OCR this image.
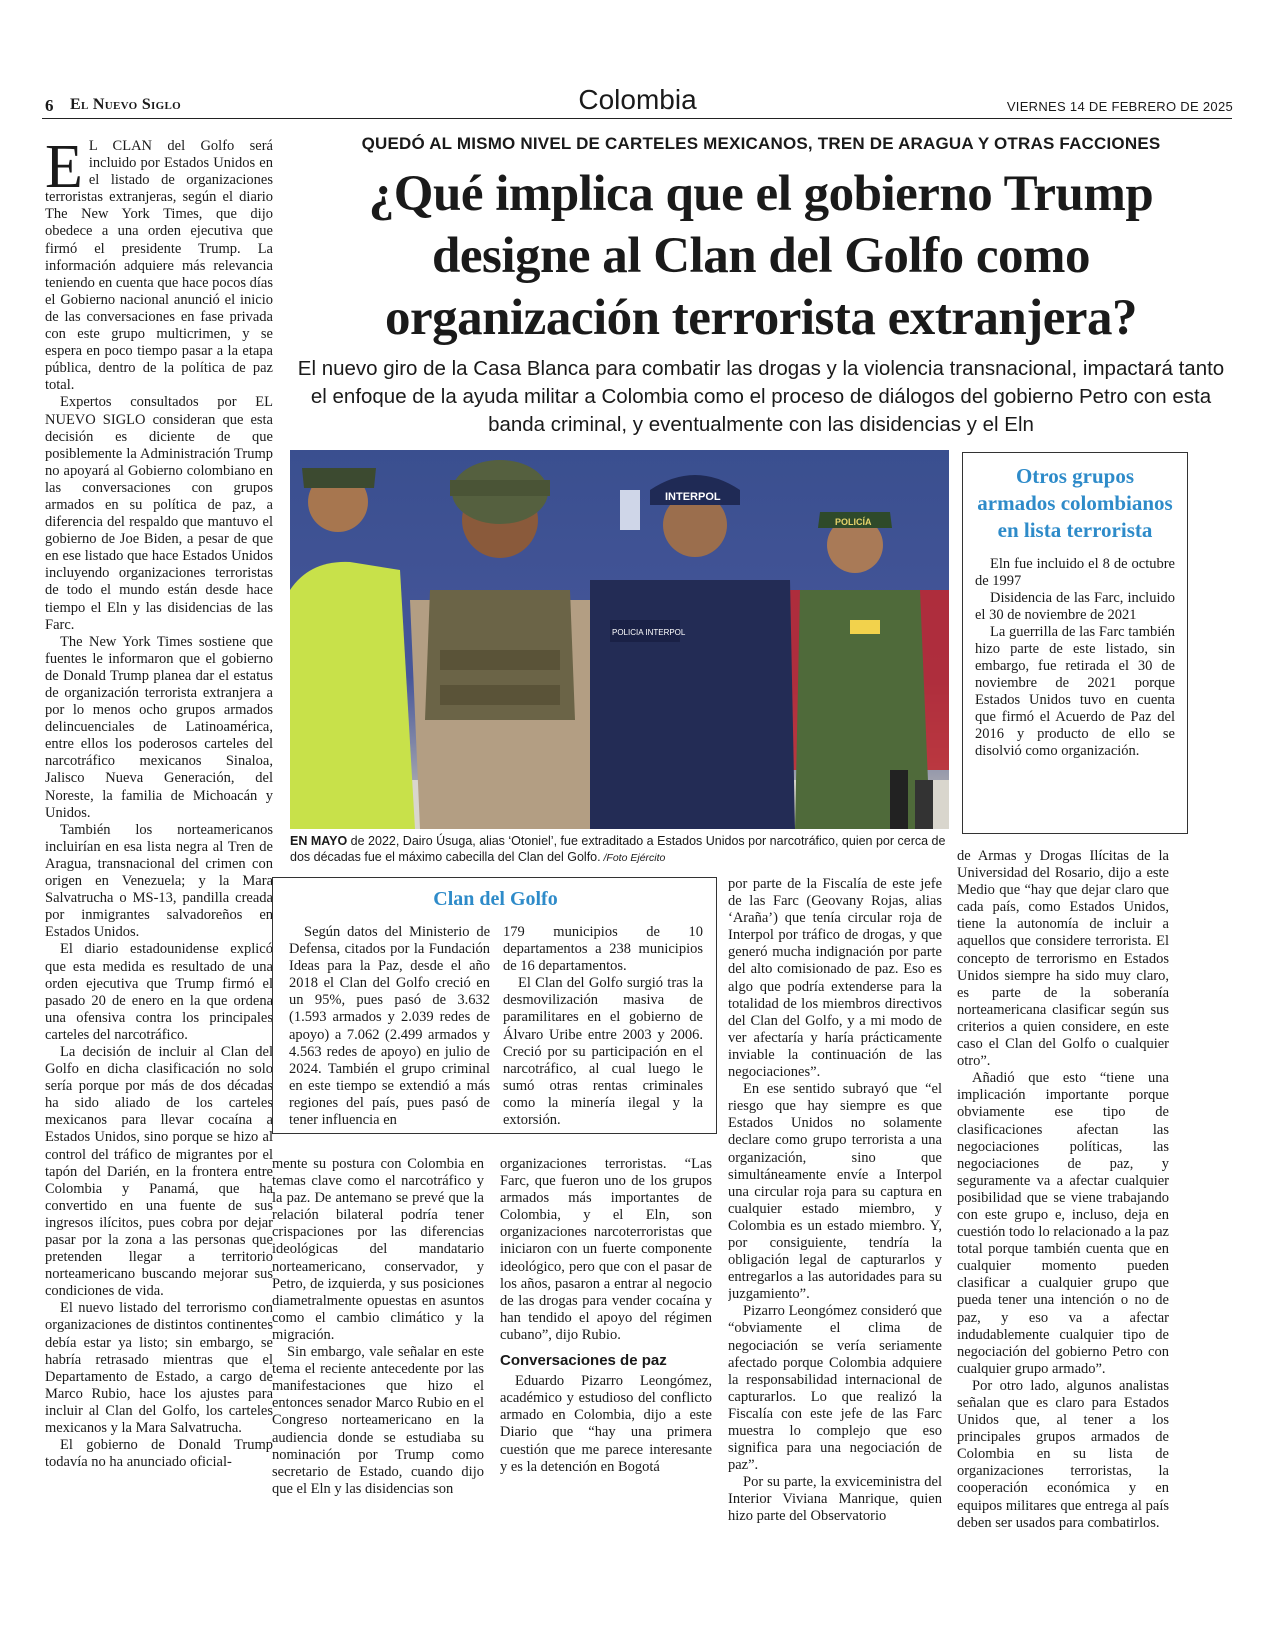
6 El Nuevo Siglo	Colombia	VIERNES 14 DE FEBRERO DE 2025

E L CLAN del Golfo será incluido por Estados Unidos en el listado de organizaciones terroristas extranjeras, según el diario The New York Times, que dijo obedece a una orden ejecutiva que firmó el presidente Trump. La información adquiere más relevancia teniendo en cuenta que hace pocos días el Gobierno nacional anunció el inicio de las conversaciones en fase privada con este grupo multicrimen, y se espera en poco tiempo pasar a la etapa pública, dentro de la política de paz total.

Expertos consultados por EL NUEVO SIGLO consideran que esta decisión es diciente de que posiblemente la Administración Trump no apoyará al Gobierno colombiano en las conversaciones con grupos armados en su política de paz, a diferencia del respaldo que mantuvo el gobierno de Joe Biden, a pesar de que en ese listado que hace Estados Unidos incluyendo organizaciones terroristas de todo el mundo están desde hace tiempo el Eln y las disidencias de las Farc.

The New York Times sostiene que fuentes le informaron que el gobierno de Donald Trump planea dar el estatus de organización terrorista extranjera a por lo menos ocho grupos armados delincuenciales de Latinoamérica, entre ellos los poderosos carteles del narcotráfico mexicanos Sinaloa, Jalisco Nueva Generación, del Noreste, la familia de Michoacán y Unidos.

También los norteamericanos incluirían en esa lista negra al Tren de Aragua, transnacional del crimen con origen en Venezuela; y la Mara Salvatrucha o MS-13, pandilla creada por inmigrantes salvadoreños en Estados Unidos.

El diario estadounidense explicó que esta medida es resultado de una orden ejecutiva que Trump firmó el pasado 20 de enero en la que ordena una ofensiva contra los principales carteles del narcotráfico.

La decisión de incluir al Clan del Golfo en dicha clasificación no solo sería porque por más de dos décadas ha sido aliado de los carteles mexicanos para llevar cocaína a Estados Unidos, sino porque se hizo al control del tráfico de migrantes por el tapón del Darién, en la frontera entre Colombia y Panamá, que ha convertido en una fuente de sus ingresos ilícitos, pues cobra por dejar pasar por la zona a las personas que pretenden llegar a territorio norteamericano buscando mejorar sus condiciones de vida.

El nuevo listado del terrorismo con organizaciones de distintos continentes debía estar ya listo; sin embargo, se habría retrasado mientras que el Departamento de Estado, a cargo de Marco Rubio, hace los ajustes para incluir al Clan del Golfo, los carteles mexicanos y la Mara Salvatrucha.

El gobierno de Donald Trump todavía no ha anunciado oficial-

QUEDÓ AL MISMO NIVEL DE CARTELES MEXICANOS, TREN DE ARAGUA Y OTRAS FACCIONES
¿Qué implica que el gobierno Trump designe al Clan del Golfo como organización terrorista extranjera?
El nuevo giro de la Casa Blanca para combatir las drogas y la violencia transnacional, impactará tanto el enfoque de la ayuda militar a Colombia como el proceso de diálogos del gobierno Petro con esta banda criminal, y eventualmente con las disidencias y el Eln
INTERPOL
POLICIA INTERPOL
POLICÍA
EN MAYO de 2022, Dairo Úsuga, alias ‘Otoniel’, fue extraditado a Estados Unidos por narcotráfico, quien por cerca de dos décadas fue el máximo cabecilla del Clan del Golfo. /Foto Ejército
Otros grupos armados colombianos en lista terrorista

Eln fue incluido el 8 de octubre de 1997

Disidencia de las Farc, incluido el 30 de noviembre de 2021

La guerrilla de las Farc también hizo parte de este listado, sin embargo, fue retirada el 30 de noviembre de 2021 porque Estados Unidos tuvo en cuenta que firmó el Acuerdo de Paz del 2016 y producto de ello se disolvió como organización.

Clan del Golfo

Según datos del Ministerio de Defensa, citados por la Fundación Ideas para la Paz, desde el año 2018 el Clan del Golfo creció en un 95%, pues pasó de 3.632 (1.593 armados y 2.039 redes de apoyo) a 7.062 (2.499 armados y 4.563 redes de apoyo) en julio de 2024. También el grupo criminal en este tiempo se extendió a más regiones del país, pues pasó de tener influencia en

179 municipios de 10 departamentos a 238 municipios de 16 departamentos.

El Clan del Golfo surgió tras la desmovilización masiva de paramilitares en el gobierno de Álvaro Uribe entre 2003 y 2006. Creció por su participación en el narcotráfico, al cual luego le sumó otras rentas criminales como la minería ilegal y la extorsión.

mente su postura con Colombia en temas clave como el narcotráfico y la paz. De antemano se prevé que la relación bilateral podría tener crispaciones por las diferencias ideológicas del mandatario norteamericano, conservador, y Petro, de izquierda, y sus posiciones diametralmente opuestas en asuntos como el cambio climático y la migración.

Sin embargo, vale señalar en este tema el reciente antecedente por las manifestaciones que hizo el entonces senador Marco Rubio en el Congreso norteamericano en la audiencia donde se estudiaba su nominación por Trump como secretario de Estado, cuando dijo que el Eln y las disidencias son

organizaciones terroristas. “Las Farc, que fueron uno de los grupos armados más importantes de Colombia, y el Eln, son organizaciones narcoterroristas que iniciaron con un fuerte componente ideológico, pero que con el pasar de los años, pasaron a entrar al negocio de las drogas para vender cocaína y han tendido el apoyo del régimen cubano”, dijo Rubio.

Conversaciones de paz

Eduardo Pizarro Leongómez, académico y estudioso del conflicto armado en Colombia, dijo a este Diario que “hay una primera cuestión que me parece interesante y es la detención en Bogotá

por parte de la Fiscalía de este jefe de las Farc (Geovany Rojas, alias ‘Araña’) que tenía circular roja de Interpol por tráfico de drogas, y que generó mucha indignación por parte del alto comisionado de paz. Eso es algo que podría extenderse para la totalidad de los miembros directivos del Clan del Golfo, y a mi modo de ver afectaría y haría prácticamente inviable la continuación de las negociaciones”.

En ese sentido subrayó que “el riesgo que hay siempre es que Estados Unidos no solamente declare como grupo terrorista a una organización, sino que simultáneamente envíe a Interpol una circular roja para su captura en cualquier estado miembro, y Colombia es un estado miembro. Y, por consiguiente, tendría la obligación legal de capturarlos y entregarlos a las autoridades para su juzgamiento”.

Pizarro Leongómez consideró que “obviamente el clima de negociación se vería seriamente afectado porque Colombia adquiere la responsabilidad internacional de capturarlos. Lo que realizó la Fiscalía con este jefe de las Farc muestra lo complejo que eso significa para una negociación de paz”.

Por su parte, la exviceministra del Interior Viviana Manrique, quien hizo parte del Observatorio

de Armas y Drogas Ilícitas de la Universidad del Rosario, dijo a este Medio que “hay que dejar claro que cada país, como Estados Unidos, tiene la autonomía de incluir a aquellos que considere terrorista. El concepto de terrorismo en Estados Unidos siempre ha sido muy claro, es parte de la soberanía norteamericana clasificar según sus criterios a quien considere, en este caso el Clan del Golfo o cualquier otro”.

Añadió que esto “tiene una implicación importante porque obviamente ese tipo de clasificaciones afectan las negociaciones políticas, las negociaciones de paz, y seguramente va a afectar cualquier posibilidad que se viene trabajando con este grupo e, incluso, deja en cuestión todo lo relacionado a la paz total porque también cuenta que en cualquier momento pueden clasificar a cualquier grupo que pueda tener una intención o no de paz, y eso va a afectar indudablemente cualquier tipo de negociación del gobierno Petro con cualquier grupo armado”.

Por otro lado, algunos analistas señalan que es claro para Estados Unidos que, al tener a los principales grupos armados de Colombia en su lista de organizaciones terroristas, la cooperación económica y en equipos militares que entrega al país deben ser usados para combatirlos.
